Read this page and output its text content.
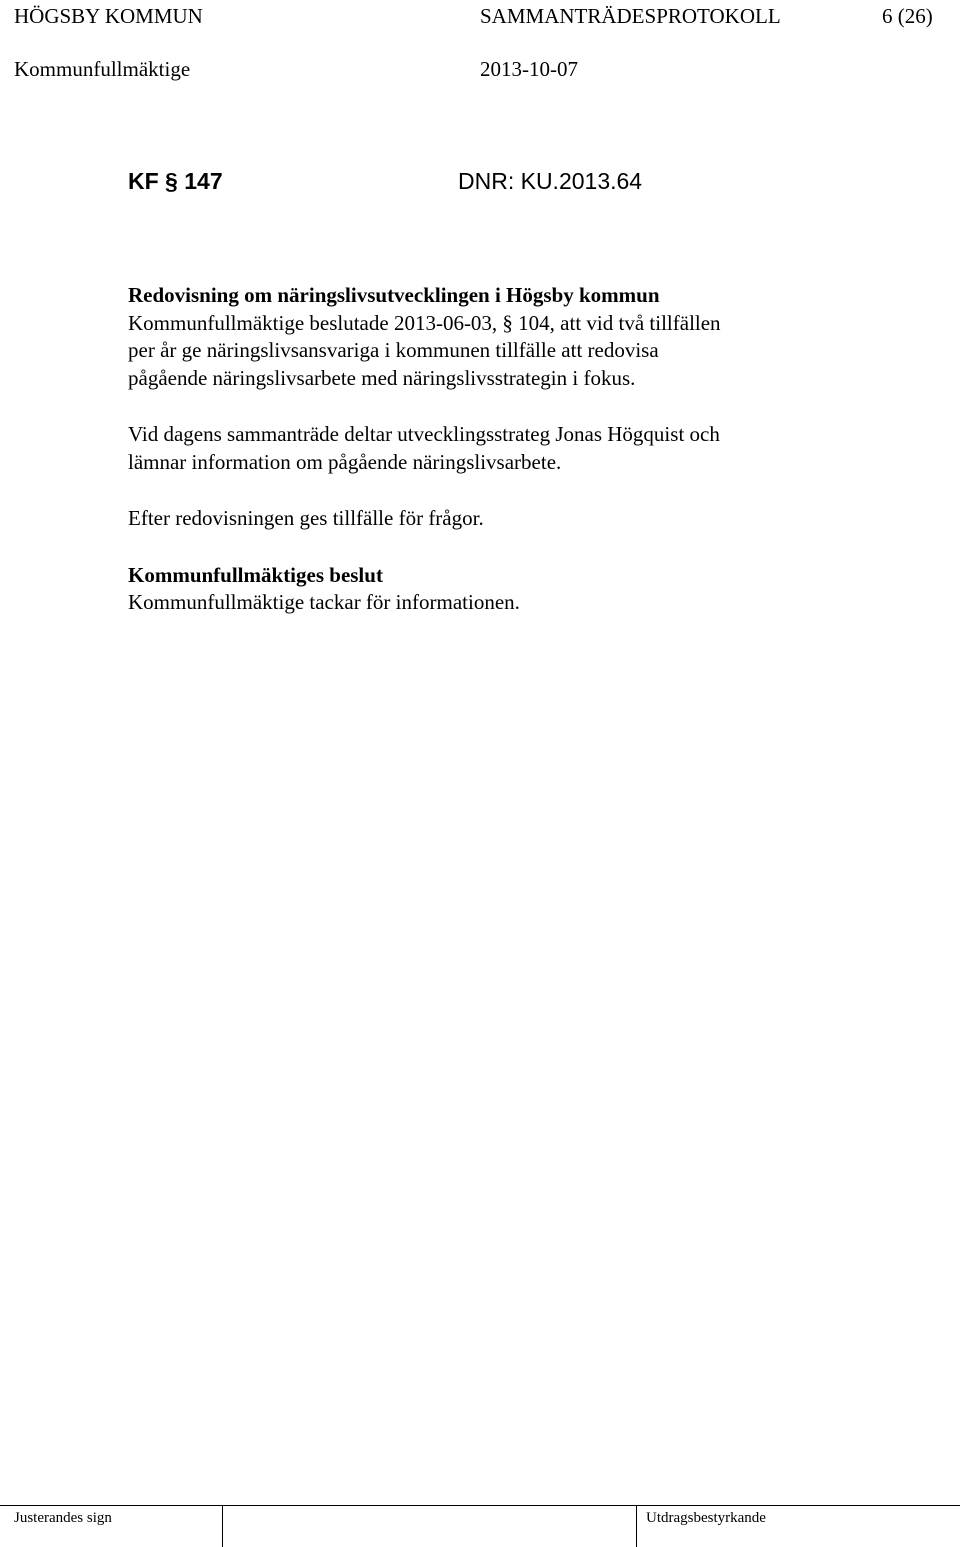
HÖGSBY KOMMUN	SAMMANTRÄDESPROTOKOLL	6 (26)
Kommunfullmäktige	2013-10-07
KF § 147	DNR: KU.2013.64
Redovisning om näringslivsutvecklingen i Högsby kommun
Kommunfullmäktige beslutade 2013-06-03, § 104, att vid två tillfällen
per år ge näringslivsansvariga i kommunen tillfälle att redovisa
pågående näringslivsarbete med näringslivsstrategin i fokus.
Vid dagens sammanträde deltar utvecklingsstrateg Jonas Högquist och
lämnar information om pågående näringslivsarbete.
Efter redovisningen ges tillfälle för frågor.
Kommunfullmäktiges beslut
Kommunfullmäktige tackar för informationen.
Justerandes sign	Utdragsbestyrkande
